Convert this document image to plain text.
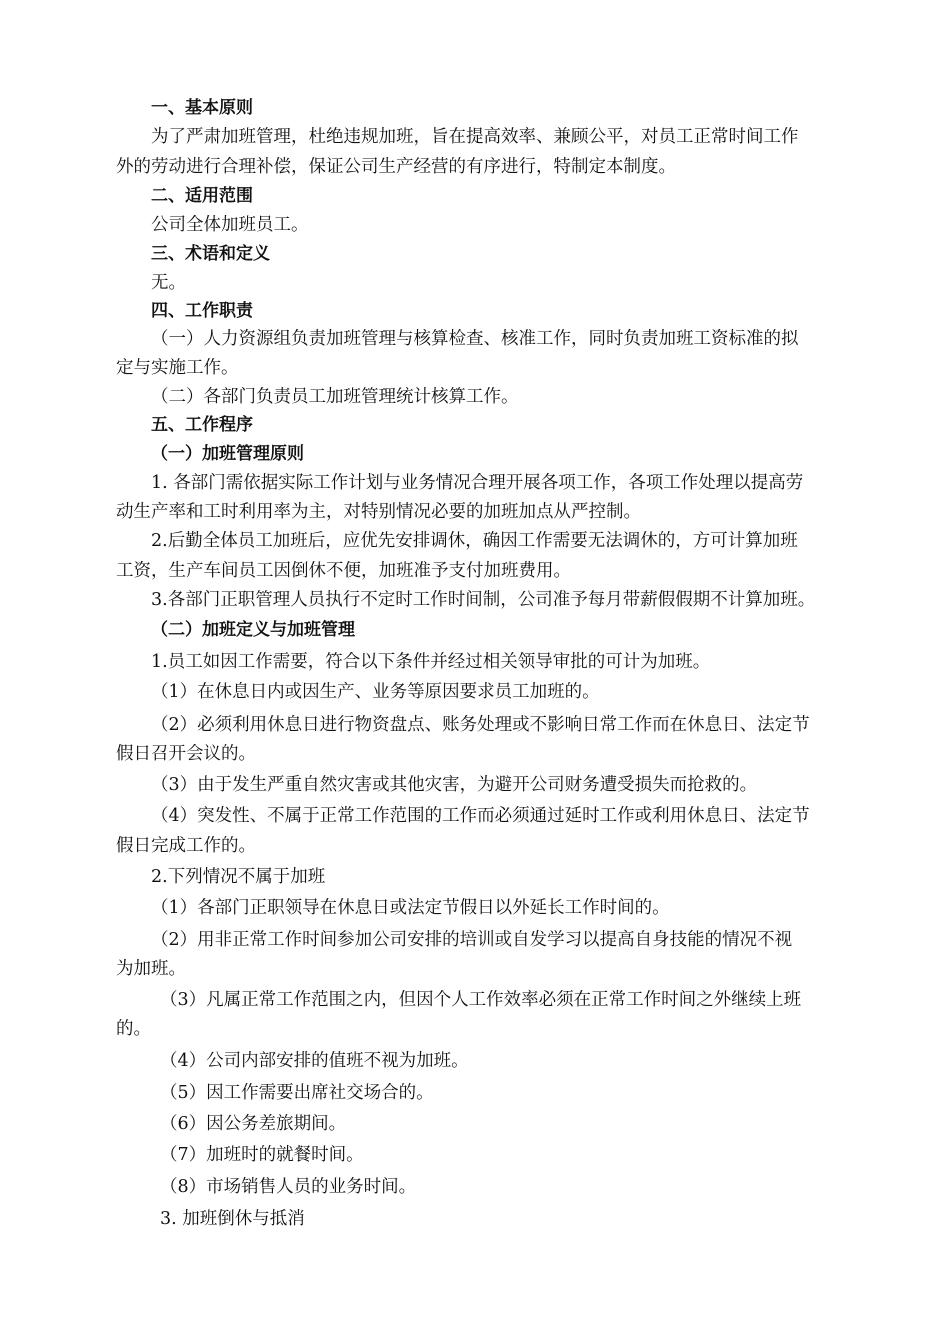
一、基本原则
为了严肃加班管理，杜绝违规加班，旨在提高效率、兼顾公平，对员工正常时间工作
外的劳动进行合理补偿，保证公司生产经营的有序进行，特制定本制度。
二、适用范围
公司全体加班员工。
三、术语和定义
无。
四、工作职责
（一）人力资源组负责加班管理与核算检查、核准工作，同时负责加班工资标准的拟
定与实施工作。
（二）各部门负责员工加班管理统计核算工作。
五、工作程序
（一）加班管理原则
1. 各部门需依据实际工作计划与业务情况合理开展各项工作，各项工作处理以提高劳
动生产率和工时利用率为主，对特别情况必要的加班加点从严控制。
2.后勤全体员工加班后，应优先安排调休，确因工作需要无法调休的，方可计算加班
工资，生产车间员工因倒休不便，加班准予支付加班费用。
3.各部门正职管理人员执行不定时工作时间制，公司准予每月带薪假假期不计算加班。
（二）加班定义与加班管理
1.员工如因工作需要，符合以下条件并经过相关领导审批的可计为加班。
（1）在休息日内或因生产、业务等原因要求员工加班的。
（2）必须利用休息日进行物资盘点、账务处理或不影响日常工作而在休息日、法定节
假日召开会议的。
（3）由于发生严重自然灾害或其他灾害，为避开公司财务遭受损失而抢救的。
（4）突发性、不属于正常工作范围的工作而必须通过延时工作或利用休息日、法定节
假日完成工作的。
2.下列情况不属于加班
（1）各部门正职领导在休息日或法定节假日以外延长工作时间的。
（2）用非正常工作时间参加公司安排的培训或自发学习以提高自身技能的情况不视
为加班。
（3）凡属正常工作范围之内，但因个人工作效率必须在正常工作时间之外继续上班
的。
（4）公司内部安排的值班不视为加班。
（5）因工作需要出席社交场合的。
（6）因公务差旅期间。
（7）加班时的就餐时间。
（8）市场销售人员的业务时间。
3. 加班倒休与抵消
